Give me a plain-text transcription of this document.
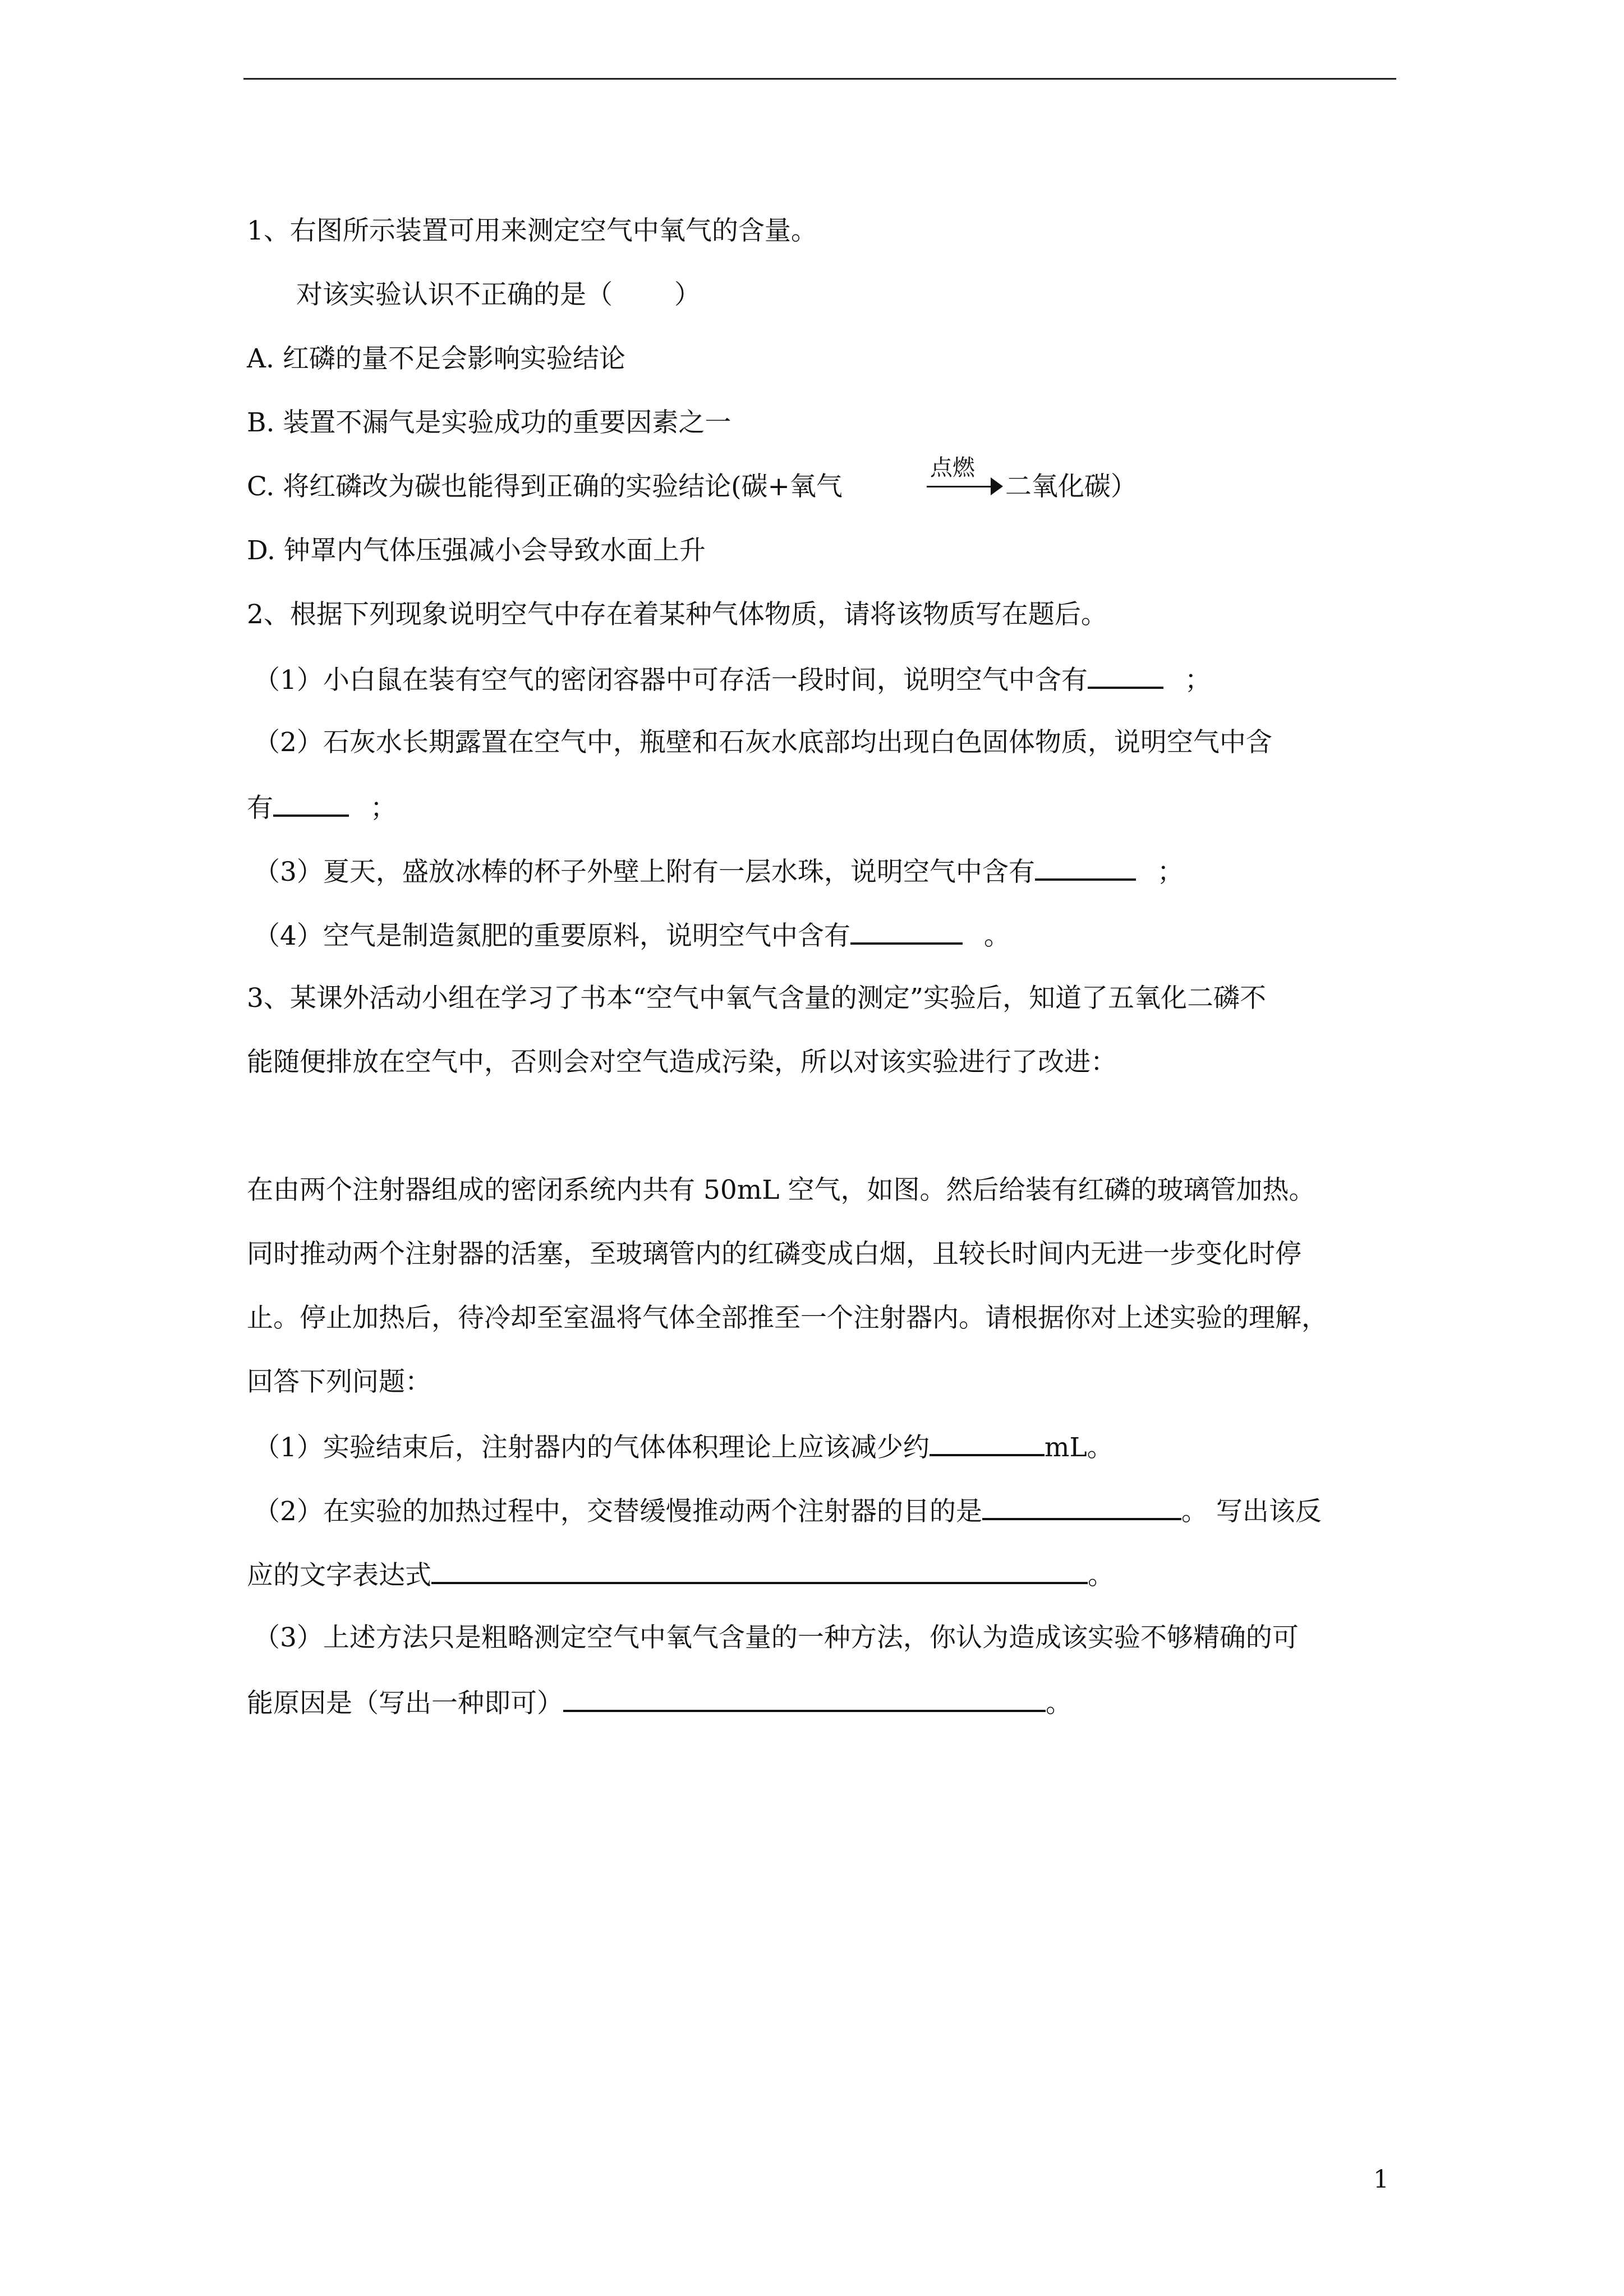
1、右图所示装置可用来测定空气中氧气的含量。
对该实验认识不正确的是（ ）
A. 红磷的量不足会影响实验结论
B. 装置不漏气是实验成功的重要因素之一
C. 将红磷改为碳也能得到正确的实验结论(碳+氧气
点燃
二氧化碳）
D. 钟罩内气体压强减小会导致水面上升
2、根据下列现象说明空气中存在着某种气体物质，请将该物质写在题后。
（1）小白鼠在装有空气的密闭容器中可存活一段时间，说明空气中含有	；
（2）石灰水长期露置在空气中，瓶壁和石灰水底部均出现白色固体物质，说明空气中含
有	；
（3）夏天，盛放冰棒的杯子外壁上附有一层水珠，说明空气中含有	；
（4）空气是制造氮肥的重要原料，说明空气中含有	。
3、某课外活动小组在学习了书本“空气中氧气含量的测定”实验后，知道了五氧化二磷不
能随便排放在空气中，否则会对空气造成污染，所以对该实验进行了改进：
在由两个注射器组成的密闭系统内共有 50mL 空气，如图。然后给装有红磷的玻璃管加热。
同时推动两个注射器的活塞，至玻璃管内的红磷变成白烟，且较长时间内无进一步变化时停
止。停止加热后，待冷却至室温将气体全部推至一个注射器内。请根据你对上述实验的理解，
回答下列问题：
（1）实验结束后，注射器内的气体体积理论上应该减少约	mL。
（2）在实验的加热过程中，交替缓慢推动两个注射器的目的是	。 写出该反
应的文字表达式	。
（3）上述方法只是粗略测定空气中氧气含量的一种方法，你认为造成该实验不够精确的可
能原因是（写出一种即可）	。
1
